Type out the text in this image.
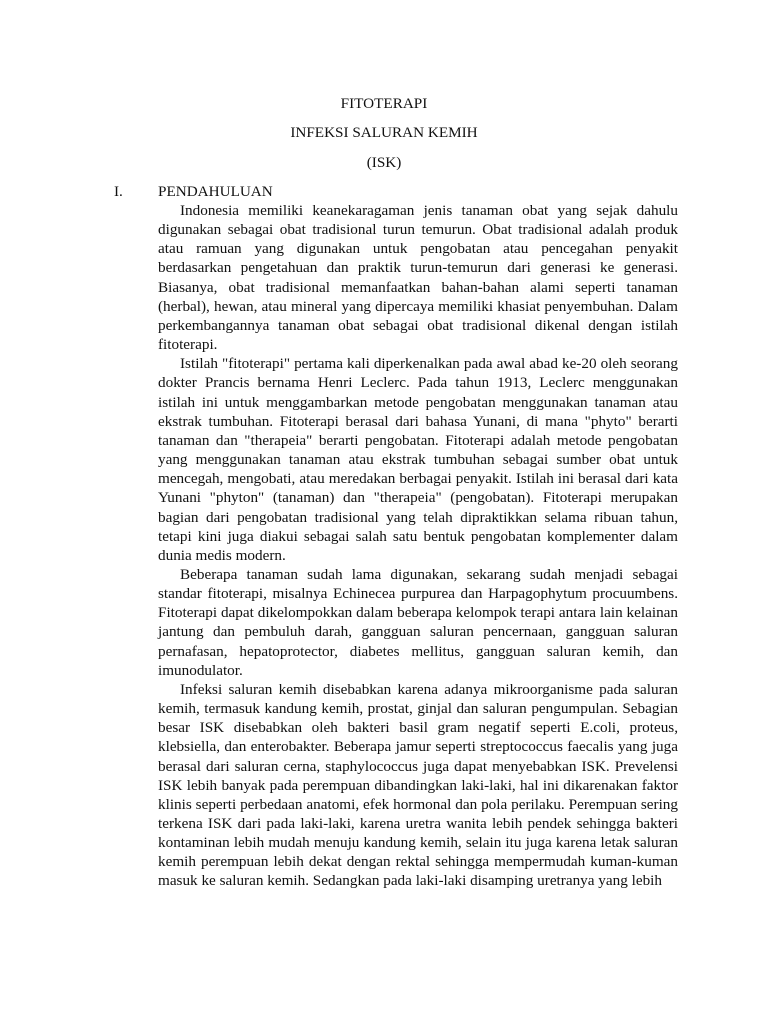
FITOTERAPI
INFEKSI SALURAN KEMIH
(ISK)
I. PENDAHULUAN

Indonesia memiliki keanekaragaman jenis tanaman obat yang sejak dahulu digunakan sebagai obat tradisional turun temurun. Obat tradisional adalah produk atau ramuan yang digunakan untuk pengobatan atau pencegahan penyakit berdasarkan pengetahuan dan praktik turun-temurun dari generasi ke generasi. Biasanya, obat tradisional memanfaatkan bahan-bahan alami seperti tanaman (herbal), hewan, atau mineral yang dipercaya memiliki khasiat penyembuhan. Dalam perkembangannya tanaman obat sebagai obat tradisional dikenal dengan istilah fitoterapi.

Istilah "fitoterapi" pertama kali diperkenalkan pada awal abad ke-20 oleh seorang dokter Prancis bernama Henri Leclerc. Pada tahun 1913, Leclerc menggunakan istilah ini untuk menggambarkan metode pengobatan menggunakan tanaman atau ekstrak tumbuhan. Fitoterapi berasal dari bahasa Yunani, di mana "phyto" berarti tanaman dan "therapeia" berarti pengobatan. Fitoterapi adalah metode pengobatan yang menggunakan tanaman atau ekstrak tumbuhan sebagai sumber obat untuk mencegah, mengobati, atau meredakan berbagai penyakit. Istilah ini berasal dari kata Yunani "phyton" (tanaman) dan "therapeia" (pengobatan). Fitoterapi merupakan bagian dari pengobatan tradisional yang telah dipraktikkan selama ribuan tahun, tetapi kini juga diakui sebagai salah satu bentuk pengobatan komplementer dalam dunia medis modern.

Beberapa tanaman sudah lama digunakan, sekarang sudah menjadi sebagai standar fitoterapi, misalnya Echinecea purpurea dan Harpagophytum procuumbens. Fitoterapi dapat dikelompokkan dalam beberapa kelompok terapi antara lain kelainan jantung dan pembuluh darah, gangguan saluran pencernaan, gangguan saluran pernafasan, hepatoprotector, diabetes mellitus, gangguan saluran kemih, dan imunodulator.

Infeksi saluran kemih disebabkan karena adanya mikroorganisme pada saluran kemih, termasuk kandung kemih, prostat, ginjal dan saluran pengumpulan. Sebagian besar ISK disebabkan oleh bakteri basil gram negatif seperti E.coli, proteus, klebsiella, dan enterobakter. Beberapa jamur seperti streptococcus faecalis yang juga berasal dari saluran cerna, staphylococcus juga dapat menyebabkan ISK. Prevelensi ISK lebih banyak pada perempuan dibandingkan laki-laki, hal ini dikarenakan faktor klinis seperti perbedaan anatomi, efek hormonal dan pola perilaku. Perempuan sering terkena ISK dari pada laki-laki, karena uretra wanita lebih pendek sehingga bakteri kontaminan lebih mudah menuju kandung kemih, selain itu juga karena letak saluran kemih perempuan lebih dekat dengan rektal sehingga mempermudah kuman-kuman masuk ke saluran kemih. Sedangkan pada laki-laki disamping uretranya yang lebih
